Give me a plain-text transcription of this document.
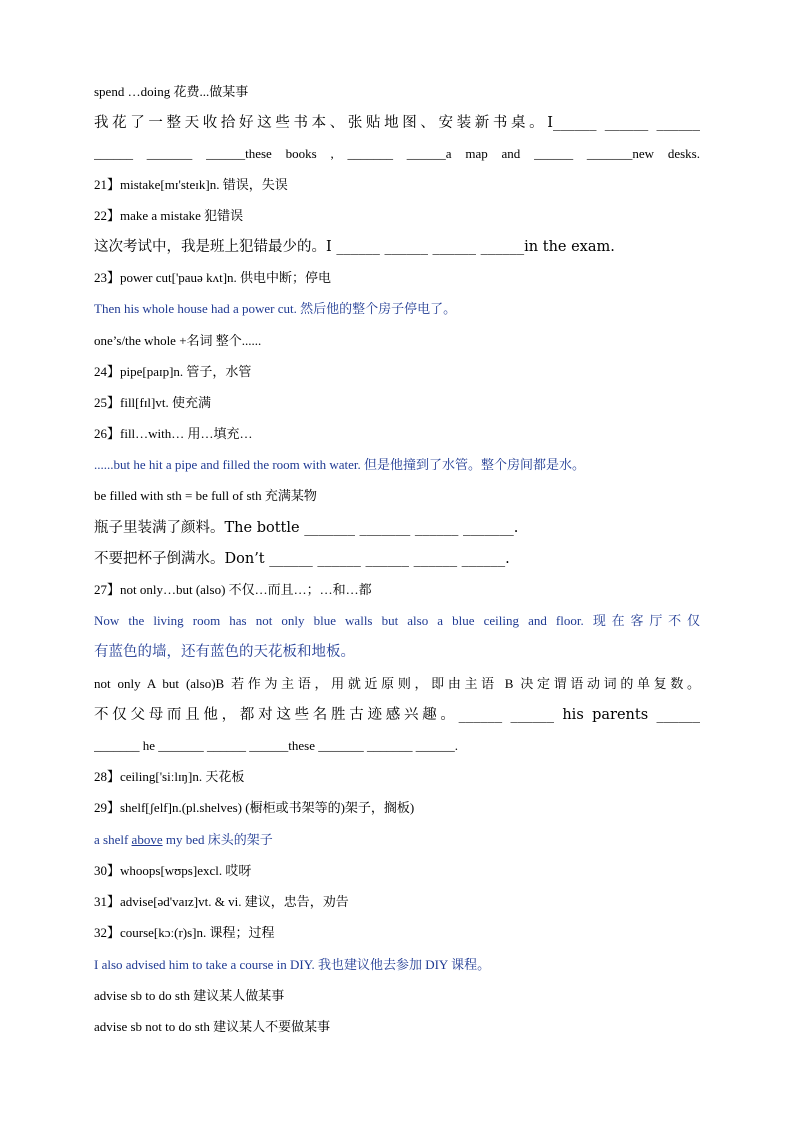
spend …doing 花费...做某事
我花了一整天收拾好这些书本、张贴地图、安装新书桌。I______ ______ ______
______ _______ ______these books , _______ ______a map and ______ _______new desks.
21】mistake[mɪ'steɪk]n. 错误，失误
22】make a mistake 犯错误
这次考试中，我是班上犯错最少的。I ______ ______ ______ ______in the exam.
23】power cut['pauə kʌt]n. 供电中断；停电
Then his whole house had a power cut. 然后他的整个房子停电了。
one’s/the whole +名词 整个......
24】pipe[paɪp]n. 管子，水管
25】fill[fɪl]vt. 使充满
26】fill…with… 用…填充…
......but he hit a pipe and filled the room with water. 但是他撞到了水管。整个房间都是水。
be filled with sth = be full of sth 充满某物
瓶子里装满了颜料。The bottle _______ _______ ______ _______.
不要把杯子倒满水。Don’t ______ ______ ______ ______ ______.
27】not only…but (also) 不仅…而且…；…和…都
Now the living room has not only blue walls but also a blue ceiling and floor. 现在客厅不仅
有蓝色的墙，还有蓝色的天花板和地板。
not only A but (also)B 若作为主语，用就近原则，即由主语 B 决定谓语动词的单复数。
不仅父母而且他，都对这些名胜古迹感兴趣。______ ______ his parents ______
_______ he _______ ______ ______these _______ _______ ______.
28】ceiling['siːlɪŋ]n. 天花板
29】shelf[ʃelf]n.(pl.shelves) (橱柜或书架等的)架子，搁板)
a shelf above my bed 床头的架子
30】whoops[wʊps]excl. 哎呀
31】advise[əd'vaɪz]vt. & vi. 建议，忠告，劝告
32】course[kɔː(r)s]n. 课程；过程
I also advised him to take a course in DIY. 我也建议他去参加 DIY 课程。
advise sb to do sth 建议某人做某事
advise sb not to do sth 建议某人不要做某事
